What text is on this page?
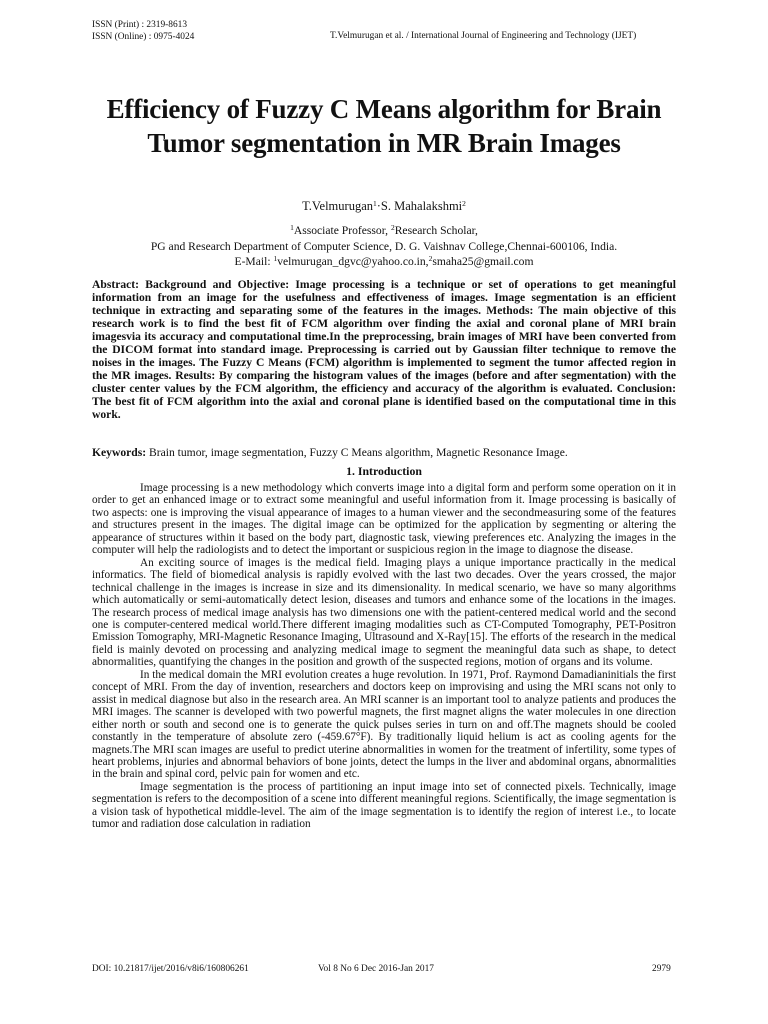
ISSN (Print) : 2319-8613
ISSN (Online) : 0975-4024	T.Velmurugan et al. / International Journal of Engineering and Technology (IJET)
Efficiency of Fuzzy C Means algorithm for Brain Tumor segmentation in MR Brain Images
T.Velmurugan$^1$·S. Mahalakshmi$^2$
$^1$Associate Professor, $^2$Research Scholar,
PG and Research Department of Computer Science, D. G. Vaishnav College,Chennai-600106, India.
E-Mail: $^1$velmurugan_dgvc@yahoo.co.in,$^2$smaha25@gmail.com
Abstract: Background and Objective: Image processing is a technique or set of operations to get meaningful information from an image for the usefulness and effectiveness of images. Image segmentation is an efficient technique in extracting and separating some of the features in the images. Methods: The main objective of this research work is to find the best fit of FCM algorithm over finding the axial and coronal plane of MRI brain imagesvia its accuracy and computational time.In the preprocessing, brain images of MRI have been converted from the DICOM format into standard image. Preprocessing is carried out by Gaussian filter technique to remove the noises in the images. The Fuzzy C Means (FCM) algorithm is implemented to segment the tumor affected region in the MR images. Results: By comparing the histogram values of the images (before and after segmentation) with the cluster center values by the FCM algorithm, the efficiency and accuracy of the algorithm is evaluated. Conclusion: The best fit of FCM algorithm into the axial and coronal plane is identified based on the computational time in this work.
Keywords: Brain tumor, image segmentation, Fuzzy C Means algorithm, Magnetic Resonance Image.
1. Introduction

Image processing is a new methodology which converts image into a digital form and perform some operation on it in order to get an enhanced image or to extract some meaningful and useful information from it. Image processing is basically of two aspects: one is improving the visual appearance of images to a human viewer and the secondmeasuring some of the features and structures present in the images. The digital image can be optimized for the application by segmenting or altering the appearance of structures within it based on the body part, diagnostic task, viewing preferences etc. Analyzing the images in the computer will help the radiologists and to detect the important or suspicious region in the image to diagnose the disease.

An exciting source of images is the medical field. Imaging plays a unique importance practically in the medical informatics. The field of biomedical analysis is rapidly evolved with the last two decades. Over the years crossed, the major technical challenge in the images is increase in size and its dimensionality. In medical scenario, we have so many algorithms which automatically or semi-automatically detect lesion, diseases and tumors and enhance some of the locations in the images. The research process of medical image analysis has two dimensions one with the patient-centered medical world and the second one is computer-centered medical world.There different imaging modalities such as CT-Computed Tomography, PET-Positron Emission Tomography, MRI-Magnetic Resonance Imaging, Ultrasound and X-Ray[15]. The efforts of the research in the medical field is mainly devoted on processing and analyzing medical image to segment the meaningful data such as shape, to detect abnormalities, quantifying the changes in the position and growth of the suspected regions, motion of organs and its volume.

In the medical domain the MRI evolution creates a huge revolution. In 1971, Prof. Raymond Damadianinitials the first concept of MRI. From the day of invention, researchers and doctors keep on improvising and using the MRI scans not only to assist in medical diagnose but also in the research area. An MRI scanner is an important tool to analyze patients and produces the MRI images. The scanner is developed with two powerful magnets, the first magnet aligns the water molecules in one direction either north or south and second one is to generate the quick pulses series in turn on and off.The magnets should be cooled constantly in the temperature of absolute zero (-459.67°F). By traditionally liquid helium is act as cooling agents for the magnets.The MRI scan images are useful to predict uterine abnormalities in women for the treatment of infertility, some types of heart problems, injuries and abnormal behaviors of bone joints, detect the lumps in the liver and abdominal organs, abnormalities in the brain and spinal cord, pelvic pain for women and etc.

Image segmentation is the process of partitioning an input image into set of connected pixels. Technically, image segmentation is refers to the decomposition of a scene into different meaningful regions. Scientifically, the image segmentation is a vision task of hypothetical middle-level. The aim of the image segmentation is to identify the region of interest i.e., to locate tumor and radiation dose calculation in radiation

DOI: 10.21817/ijet/2016/v8i6/160806261	Vol 8 No 6 Dec 2016-Jan 2017	2979
